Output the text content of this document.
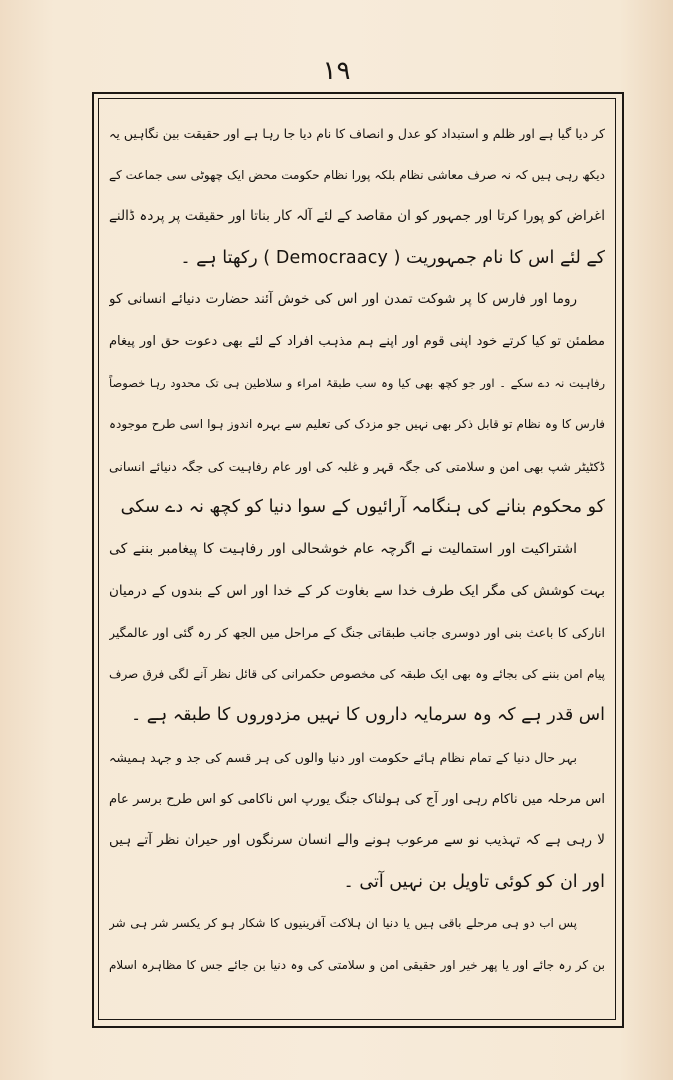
۱۹
کر دیا گیا ہے اور ظلم و استبداد کو عدل و انصاف کا نام دیا جا رہا ہے اور حقیقت بین نگاہیں یہ
دیکھ رہی ہیں کہ نہ صرف معاشی نظام بلکہ پورا نظام حکومت محض ایک چھوٹی سی جماعت کے
اغراض کو پورا کرتا اور جمہور کو ان مقاصد کے لئے آلہ کار بناتا اور حقیقت پر پردہ ڈالنے
کے لئے اس کا نام جمہوریت ( Democraacy ) رکھتا ہے ۔
روما اور فارس کا پر شوکت تمدن اور اس کی خوش آئند حضارت دنیائے انسانی کو
مطمئن تو کیا کرتے خود اپنی قوم اور اپنے ہم مذہب افراد کے لئے بھی دعوت حق اور پیغام
رفاہیت نہ دے سکے ۔ اور جو کچھ بھی کیا وہ سب طبقۂ امراء و سلاطین ہی تک محدود رہا خصوصاً
فارس کا وہ نظام تو قابل ذکر بھی نہیں جو مزدک کی تعلیم سے بہرہ اندوز ہوا اسی طرح موجودہ
ڈکٹیٹر شپ بھی امن و سلامتی کی جگہ قہر و غلبہ کی اور عام رفاہیت کی جگہ دنیائے انسانی
کو محکوم بنانے کی ہنگامہ آرائیوں کے سوا دنیا کو کچھ نہ دے سکی
اشتراکیت اور استمالیت نے اگرچہ عام خوشحالی اور رفاہیت کا پیغامبر بننے کی
بہت کوشش کی مگر ایک طرف خدا سے بغاوت کر کے خدا اور اس کے بندوں کے درمیان
انارکی کا باعث بنی اور دوسری جانب طبقاتی جنگ کے مراحل میں الجھ کر رہ گئی اور عالمگیر
پیام امن بننے کی بجائے وہ بھی ایک طبقہ کی مخصوص حکمرانی کی قائل نظر آنے لگی فرق صرف
اس قدر ہے کہ وہ سرمایہ داروں کا نہیں مزدوروں کا طبقہ ہے ۔
بہر حال دنیا کے تمام نظام ہائے حکومت اور دنیا والوں کی ہر قسم کی جد و جہد ہمیشہ
اس مرحلہ میں ناکام رہی اور آج کی ہولناک جنگ یورپ اس ناکامی کو اس طرح برسر عام
لا رہی ہے کہ تہذیب نو سے مرعوب ہونے والے انسان سرنگوں اور حیران نظر آتے ہیں
اور ان کو کوئی تاویل بن نہیں آتی ۔
پس اب دو ہی مرحلے باقی ہیں یا دنیا ان ہلاکت آفرینیوں کا شکار ہو کر یکسر شر ہی شر
بن کر رہ جائے اور یا پھر خیر اور حقیقی امن و سلامتی کی وہ دنیا بن جائے جس کا مظاہرہ اسلام
